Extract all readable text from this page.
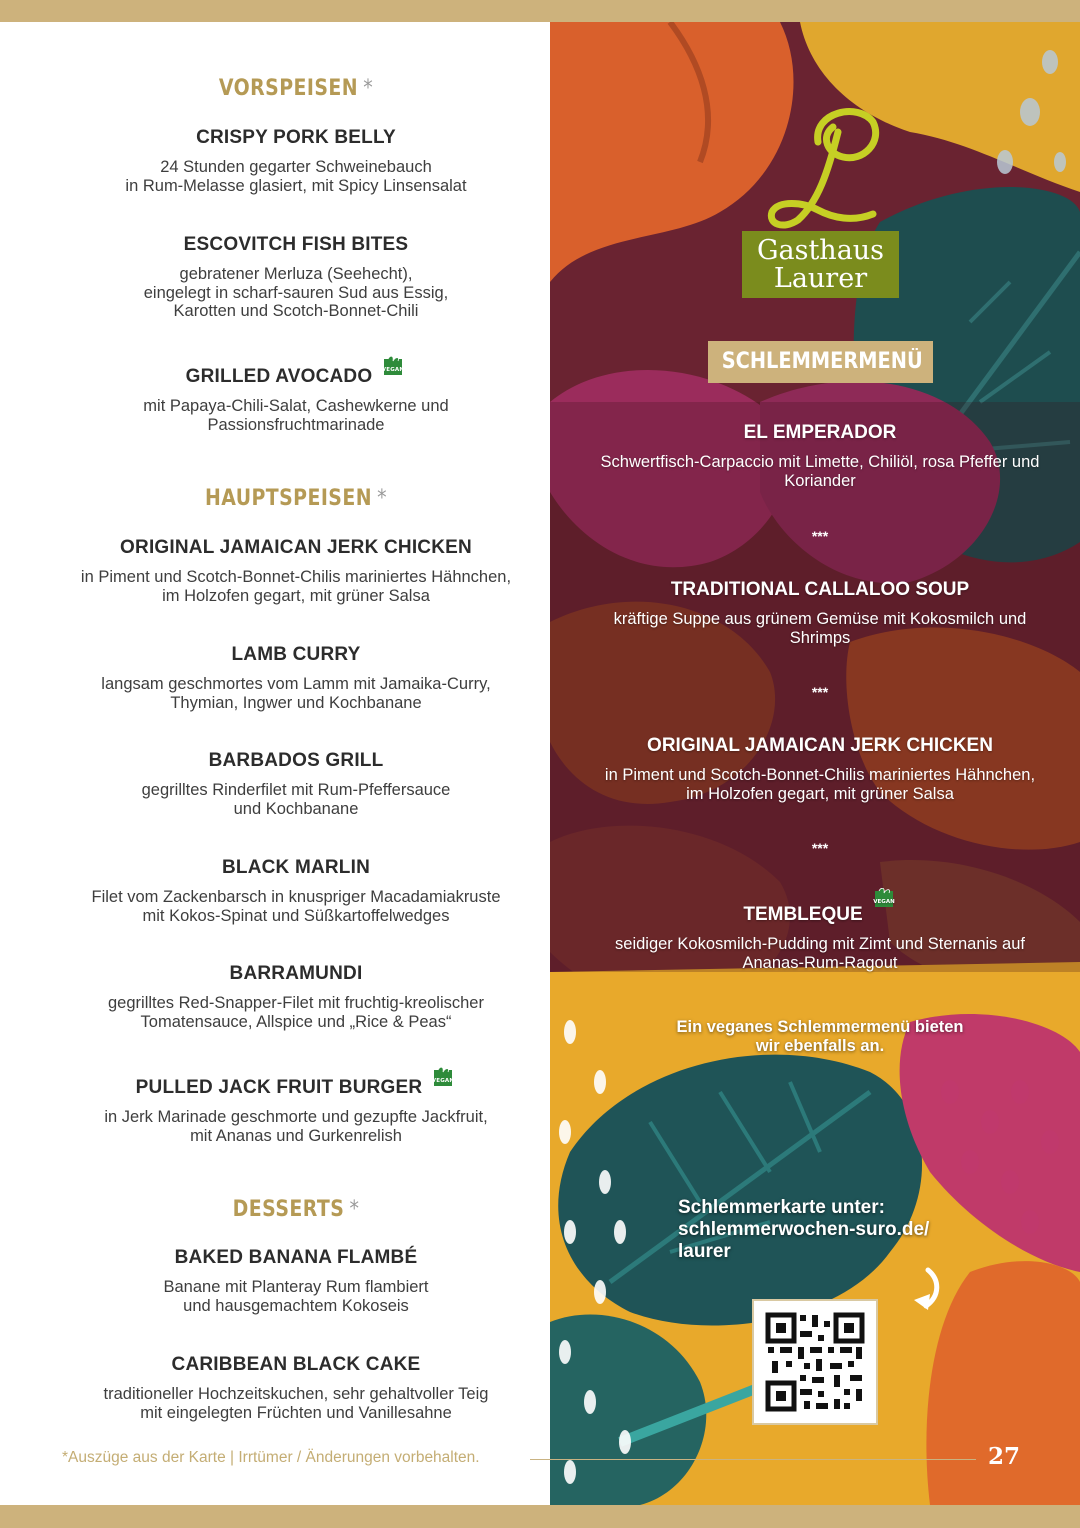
VORSPEISEN *
CRISPY PORK BELLY
24 Stunden gegarter Schweinebauch
in Rum-Melasse glasiert, mit Spicy Linsensalat
ESCOVITCH FISH BITES
gebratener Merluza (Seehecht),
eingelegt in scharf-sauren Sud aus Essig,
Karotten und Scotch-Bonnet-Chili
GRILLED AVOCADO VEGAN
mit Papaya-Chili-Salat, Cashewkerne und
Passionsfruchtmarinade
HAUPTSPEISEN *
ORIGINAL JAMAICAN JERK CHICKEN
in Piment und Scotch-Bonnet-Chilis mariniertes Hähnchen,
im Holzofen gegart, mit grüner Salsa
LAMB CURRY
langsam geschmortes vom Lamm mit Jamaika-Curry,
Thymian, Ingwer und Kochbanane
BARBADOS GRILL
gegrilltes Rinderfilet mit Rum-Pfeffersauce
und Kochbanane
BLACK MARLIN
Filet vom Zackenbarsch in knuspriger Macadamiakruste
mit Kokos-Spinat und Süßkartoffelwedges
BARRAMUNDI
gegrilltes Red-Snapper-Filet mit fruchtig-kreolischer
Tomatensauce, Allspice und „Rice & Peas“
PULLED JACK FRUIT BURGER VEGAN
in Jerk Marinade geschmorte und gezupfte Jackfruit,
mit Ananas und Gurkenrelish
DESSERTS *
BAKED BANANA FLAMBÉ
Banane mit Planteray Rum flambiert
und hausgemachtem Kokoseis
CARIBBEAN BLACK CAKE
traditioneller Hochzeitskuchen, sehr gehaltvoller Teig
mit eingelegten Früchten und Vanillesahne
Gasthaus
Laurer
SCHLEMMERMENÜ
EL EMPERADOR
Schwertfisch-Carpaccio mit Limette, Chiliöl, rosa Pfeffer und
Koriander
***
TRADITIONAL CALLALOO SOUP
kräftige Suppe aus grünem Gemüse mit Kokosmilch und
Shrimps
***
ORIGINAL JAMAICAN JERK CHICKEN
in Piment und Scotch-Bonnet-Chilis mariniertes Hähnchen,
im Holzofen gegart, mit grüner Salsa
***
TEMBLEQUE
VEGAN
seidiger Kokosmilch-Pudding mit Zimt und Sternanis auf
Ananas-Rum-Ragout
Ein veganes Schlemmermenü bieten
wir ebenfalls an.
Schlemmerkarte unter:
schlemmerwochen-suro.de/
laurer
*Auszüge aus der Karte | Irrtümer / Änderungen vorbehalten.	27
